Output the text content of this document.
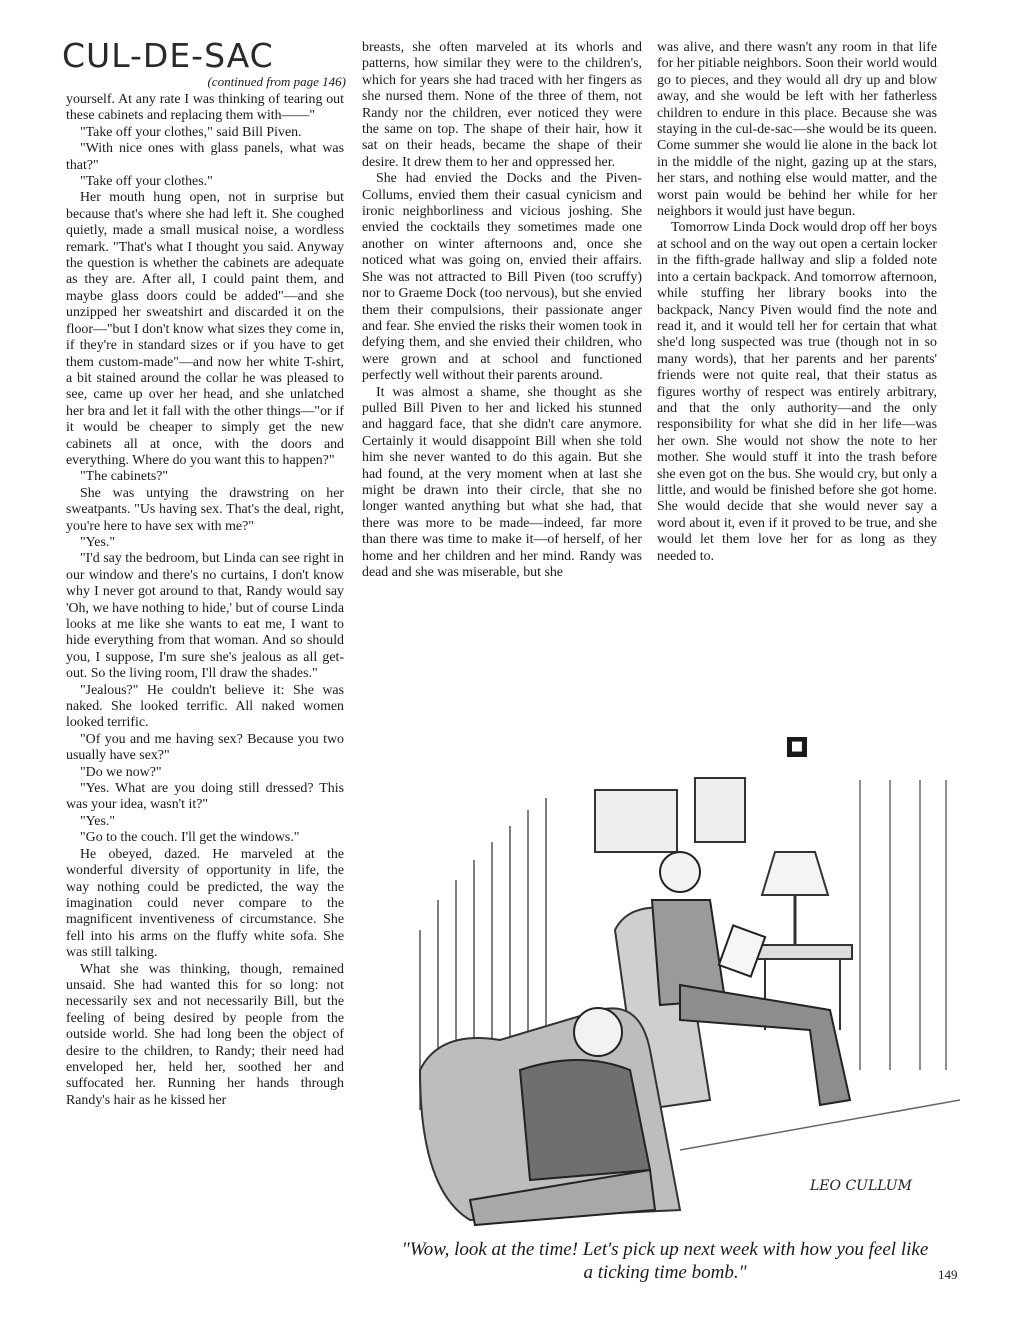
CUL-DE-SAC
(continued from page 146)

yourself. At any rate I was thinking of tearing out these cabinets and replacing them with——"

"Take off your clothes," said Bill Piven.

"With nice ones with glass panels, what was that?"

"Take off your clothes."

Her mouth hung open, not in surprise but because that's where she had left it. She coughed quietly, made a small musical noise, a wordless remark. "That's what I thought you said. Anyway the question is whether the cabinets are adequate as they are. After all, I could paint them, and maybe glass doors could be added"—and she unzipped her sweatshirt and discarded it on the floor—"but I don't know what sizes they come in, if they're in standard sizes or if you have to get them custom-made"—and now her white T-shirt, a bit stained around the collar he was pleased to see, came up over her head, and she unlatched her bra and let it fall with the other things—"or if it would be cheaper to simply get the new cabinets all at once, with the doors and everything. Where do you want this to happen?"

"The cabinets?"

She was untying the drawstring on her sweatpants. "Us having sex. That's the deal, right, you're here to have sex with me?"

"Yes."

"I'd say the bedroom, but Linda can see right in our window and there's no curtains, I don't know why I never got around to that, Randy would say 'Oh, we have nothing to hide,' but of course Linda looks at me like she wants to eat me, I want to hide everything from that woman. And so should you, I suppose, I'm sure she's jealous as all get-out. So the living room, I'll draw the shades."

"Jealous?" He couldn't believe it: She was naked. She looked terrific. All naked women looked terrific.

"Of you and me having sex? Because you two usually have sex?"

"Do we now?"

"Yes. What are you doing still dressed? This was your idea, wasn't it?"

"Yes."

"Go to the couch. I'll get the windows."

He obeyed, dazed. He marveled at the wonderful diversity of opportunity in life, the way nothing could be predicted, the way the imagination could never compare to the magnificent inventiveness of circumstance. She fell into his arms on the fluffy white sofa. She was still talking.

What she was thinking, though, remained unsaid. She had wanted this for so long: not necessarily sex and not necessarily Bill, but the feeling of being desired by people from the outside world. She had long been the object of desire to the children, to Randy; their need had enveloped her, held her, soothed her and suffocated her. Running her hands through Randy's hair as he kissed her

breasts, she often marveled at its whorls and patterns, how similar they were to the children's, which for years she had traced with her fingers as she nursed them. None of the three of them, not Randy nor the children, ever noticed they were the same on top. The shape of their hair, how it sat on their heads, became the shape of their desire. It drew them to her and oppressed her.

She had envied the Docks and the Piven-Collums, envied them their casual cynicism and ironic neighborliness and vicious joshing. She envied the cocktails they sometimes made one another on winter afternoons and, once she noticed what was going on, envied their affairs. She was not attracted to Bill Piven (too scruffy) nor to Graeme Dock (too nervous), but she envied them their compulsions, their passionate anger and fear. She envied the risks their women took in defying them, and she envied their children, who were grown and at school and functioned perfectly well without their parents around.

It was almost a shame, she thought as she pulled Bill Piven to her and licked his stunned and haggard face, that she didn't care anymore. Certainly it would disappoint Bill when she told him she never wanted to do this again. But she had found, at the very moment when at last she might be drawn into their circle, that she no longer wanted anything but what she had, that there was more to be made—indeed, far more than there was time to make it—of herself, of her home and her children and her mind. Randy was dead and she was miserable, but she

was alive, and there wasn't any room in that life for her pitiable neighbors. Soon their world would go to pieces, and they would all dry up and blow away, and she would be left with her fatherless children to endure in this place. Because she was staying in the cul-de-sac—she would be its queen. Come summer she would lie alone in the back lot in the middle of the night, gazing up at the stars, her stars, and nothing else would matter, and the worst pain would be behind her while for her neighbors it would just have begun.

Tomorrow Linda Dock would drop off her boys at school and on the way out open a certain locker in the fifth-grade hallway and slip a folded note into a certain backpack. And tomorrow afternoon, while stuffing her library books into the backpack, Nancy Piven would find the note and read it, and it would tell her for certain that what she'd long suspected was true (though not in so many words), that her parents and her parents' friends were not quite real, that their status as figures worthy of respect was entirely arbitrary, and that the only authority—and the only responsibility for what she did in her life—was her own. She would not show the note to her mother. She would stuff it into the trash before she even got on the bus. She would cry, but only a little, and would be finished before she got home. She would decide that she would never say a word about it, even if it proved to be true, and she would let them love her for as long as they needed to.

■
LEO CULLUM
"Wow, look at the time! Let's pick up next week with how you feel like a ticking time bomb."	149
